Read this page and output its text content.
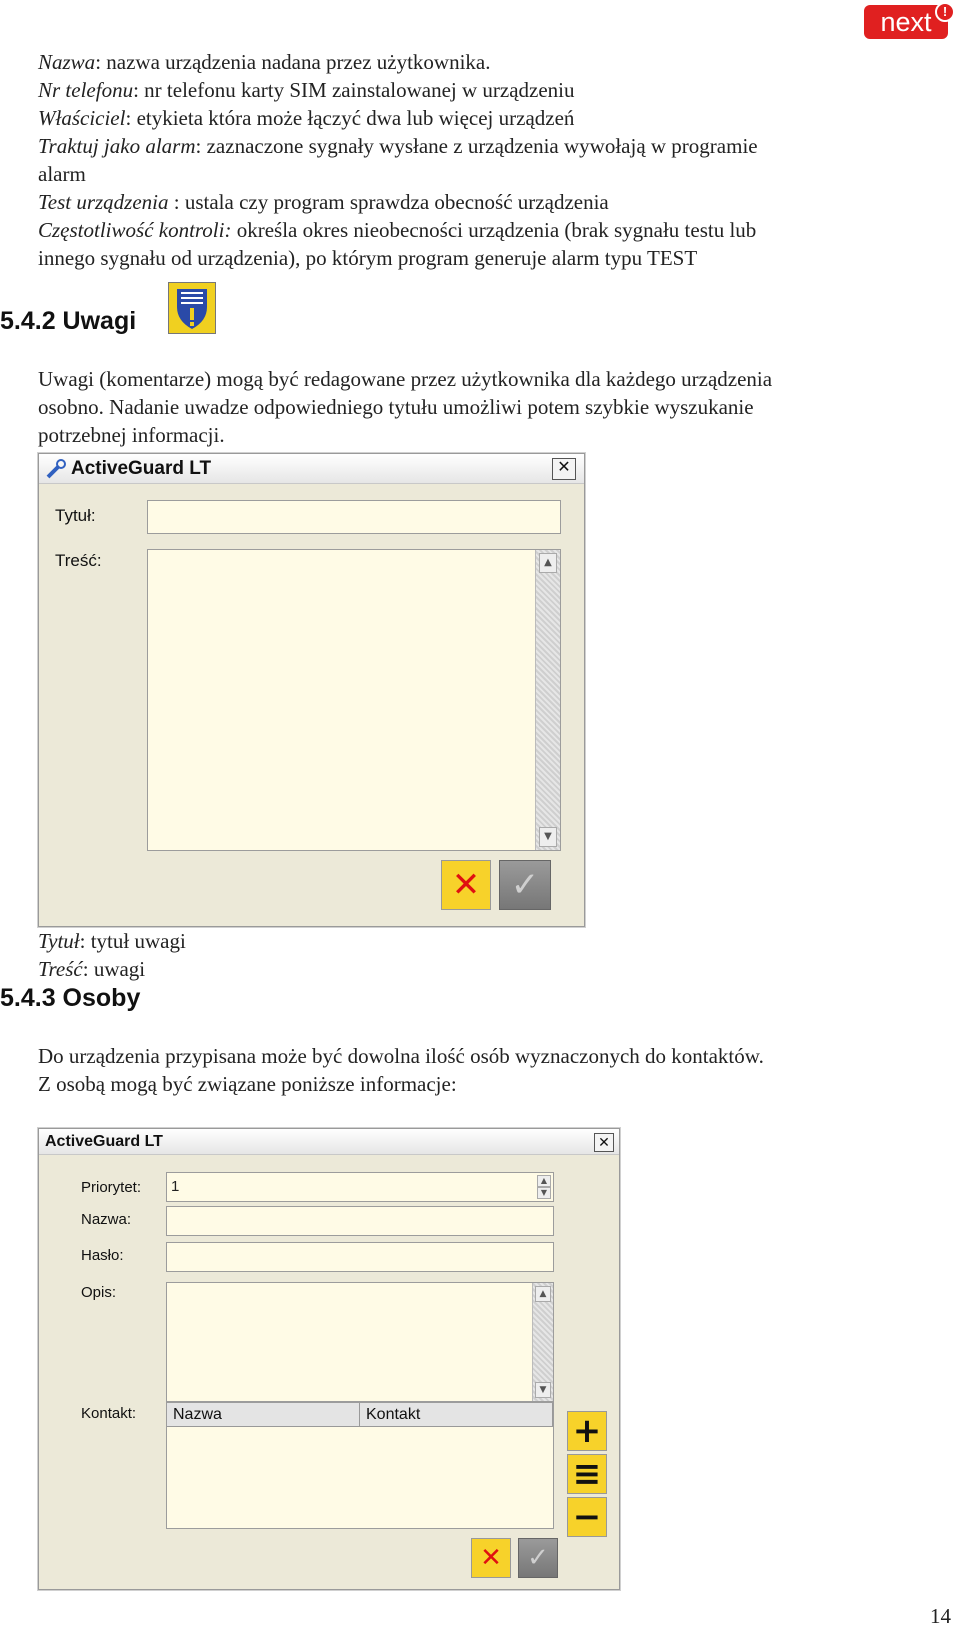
next !
Nazwa: nazwa urządzenia nadana przez użytkownika.
Nr telefonu: nr telefonu karty SIM zainstalowanej w urządzeniu
Właściciel: etykieta która może łączyć dwa lub więcej urządzeń
Traktuj jako alarm: zaznaczone sygnały wysłane z urządzenia wywołają w programie
alarm
Test urządzenia : ustala czy program sprawdza obecność urządzenia
Częstotliwość kontroli: określa okres nieobecności urządzenia (brak sygnału testu lub
innego sygnału od urządzenia), po którym program generuje alarm typu TEST
5.4.2 Uwagi
Uwagi (komentarze) mogą być redagowane przez użytkownika dla każdego urządzenia
osobno. Nadanie uwadze odpowiedniego tytułu umożliwi potem szybkie wyszukanie
potrzebnej informacji.
ActiveGuard LT	✕
Tytuł:
Treść:	▲
▼
✕ ✓
Tytuł: tytuł uwagi
Treść: uwagi
5.4.3 Osoby
Do urządzenia przypisana może być dowolna ilość osób wyznaczonych do kontaktów.
Z osobą mogą być związane poniższe informacje:
ActiveGuard LT	✕
Priorytet:	1	▲
▼
Nazwa:
Hasło:
Opis:	▲
▼
Kontakt:	Nazwa	Kontakt	+
≡
−
✕ ✓
14
